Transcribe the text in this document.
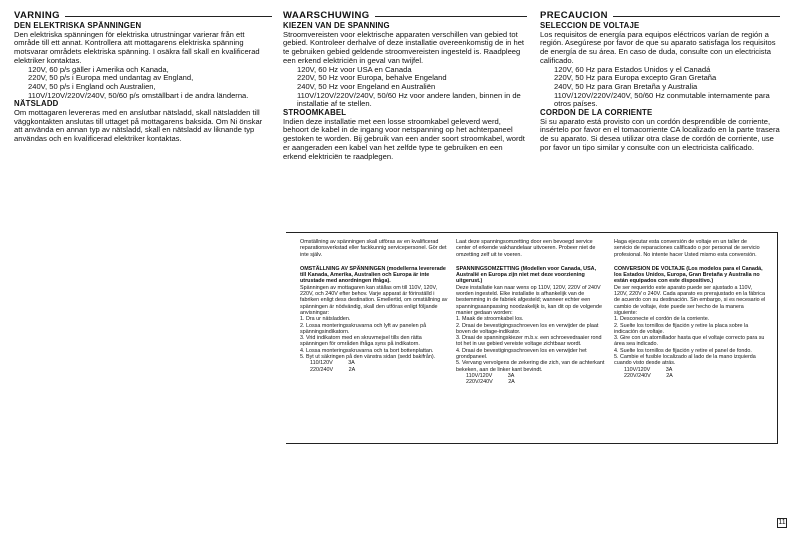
VARNING
DEN ELEKTRISKA SPÄNNINGEN

Den elektriska spänningen för elektriska utrustningar varierar från ett område till ett annat. Kontrollera att mottagarens elektriska spänning motsvarar områdets elektriska spänning. I osäkra fall skall en kvalificerad elektriker kontaktas.

120V, 60 p/s gäller i Amerika och Kanada,
220V, 50 p/s i Europa med undantag av England,
240V, 50 p/s i England och Australien,
110V/120V/220V/240V, 50/60 p/s omställbart i de andra länderna.
NÄTSLADD

Om mottagaren levereras med en anslutbar nätsladd, skall nätsladden till väggkontakten anslutas till uttaget på mottagarens baksida. Om Ni önskar att använda en annan typ av nätsladd, skall en nätsladd av liknande typ användas och en kvalificerad elektriker kontaktas.

WAARSCHUWING
KIEZEN VAN DE SPANNING

Stroomvereisten voor elektrische apparaten verschillen van gebied tot gebied. Kontroleer derhalve of deze installatie overeenkomstig de in het te gebruiken gebied geldende stroomvereisten ingesteld is. Raadpleeg een erkend elektriciën in geval van twijfel.

120V, 60 Hz voor USA en Canada
220V, 50 Hz voor Europa, behalve Engeland
240V, 50 Hz voor Engeland en Australiën
110V/120V/220V/240V, 50/60 Hz voor andere landen, binnen in de installatie af te stellen.
STROOMKABEL

Indien deze installatie met een losse stroomkabel geleverd werd, behoort de kabel in de ingang voor netspanning op het achterpaneel gestoken te worden. Bij gebruik van een ander soort stroomkabel, wordt er aangeraden een kabel van het zelfde type te gebruiken en een erkend elektriciën te raadplegen.

PRECAUCION
SELECCION DE VOLTAJE

Los requisitos de energía para equipos eléctricos varían de región a región. Asegúrese por favor de que su aparato satisfaga los requisitos de energía de su área. En caso de duda, consulte con un electricista calificado.

120V, 60 Hz para Estados Unidos y el Canadá
220V, 50 Hz para Europa excepto Gran Gretaña
240V, 50 Hz para Gran Bretaña y Australia
110V/120V/220V/240V, 50/60 Hz conmutable internamente para otros países.
CORDON DE LA CORRIENTE

Si su aparato está provisto con un cordón desprendible de corriente, insértelo por favor en el tomacorriente CA localizado en la parte trasera de su aparato. Si desea utilizar otra clase de cordón de corriente, use por favor un tipo similar y consulte con un electricista calificado.

Omställning av spänningen skall utföras av en kvalificerad reparationsverkstad eller fackkunnig servicepersonel. Gör det inte själv.

OMSTÄLLNING AV SPÄNNINGEN (modellerna levererade till Kanada, Amerika, Australien och Europa är inte utrustade med anordningen ifråga).

Spänningen av mottagaren kan ställas om till 110V, 120V, 220V, och 240V efter behov. Varje apparat är förinställd i fabriken enligt dess destination. Emellertid, om omställning av spänningen är nödvändig, skall den utföras enligt följande anvisningar:

1. Dra ur nätsladden.

2. Lossa monteringsskruvarna och lyft av panelen på spänningsindikatorn.

3. Vrid indikatorn med en skruvmejsel tills den rätta spänningen för områden ifråga syns på indikatorn.

4. Lossa monteringsskruvarna och ta bort bottenplattan.

5. Byt ut säkringen på den vänstra sidan (sedd bakifrån).

110/120V	3A
220/240V	2A

Laat deze spanningsomzetting door een bevoegd service center of erkende vakhandelaar uitvoeren. Probeer niet de omzetting zelf uit te voeren.

SPANNINGSOMZETTING (Modellen voor Canada, USA, Australië en Europa zijn niet met deze voorziening uitgerust.)

Deze installatie kan naar wens op 110V, 120V, 220V of 240V worden ingesteld. Elke installatie is afhankelijk van de bestemming in de fabriek afgesteld; wanneer echter een spanningsaanpassing noodzakelijk is, kan dit op de volgende manier gedaan worden:

1. Maak de stroomkabel los.

2. Draai de bevestigingsschroeven los en verwijder de plaat boven de voltage-indikator.

3. Draai de spanningskiezer m.b.v. een schroevedraaier rond tot het in uw gebied vereiste voltage zichtbaar wordt.

4. Draai de bevestigingsschroeven los en verwijder het grondpaneel.

5. Vervang vervolgens de zekering die zich, van de achterkant bekeken, aan de linker kant bevindt.

110V/120V	3A
220V/240V	2A

Haga ejecutar esta conversión de voltaje en un taller de servicio de reparaciones calificado o por personal de servicio profesional. No intente hacer Usted mismo esta conversión.

CONVERSION DE VOLTAJE (Los modelos para el Canadá, los Estados Unidos, Europa, Gran Bretaña y Australia no están equipados con este dispositivo.)

De ser requerido este aparato puede ser ajustado a 110V, 120V, 220V o 240V. Cada aparato es prerajustado en la fábrica de acuerdo con su destinación. Sin embargo, si es necesario el cambio de voltaje, éste puede ser hecho de la manera siguiente:

1. Desconecte el cordón de la corriente.

2. Suelte los tornillos de fijación y retire la placa sobre la indicación de voltaje.

3. Gire con un atornillador hasta que el voltaje correcto para su área sea indicado.

4. Suelte los tornillos de fijación y retire el panel de fondo.

5. Cambie el fusible localizado al lado de la mano izquierda cuando visto desde atrás.

110V/120V	3A
220V/240V	2A
11
